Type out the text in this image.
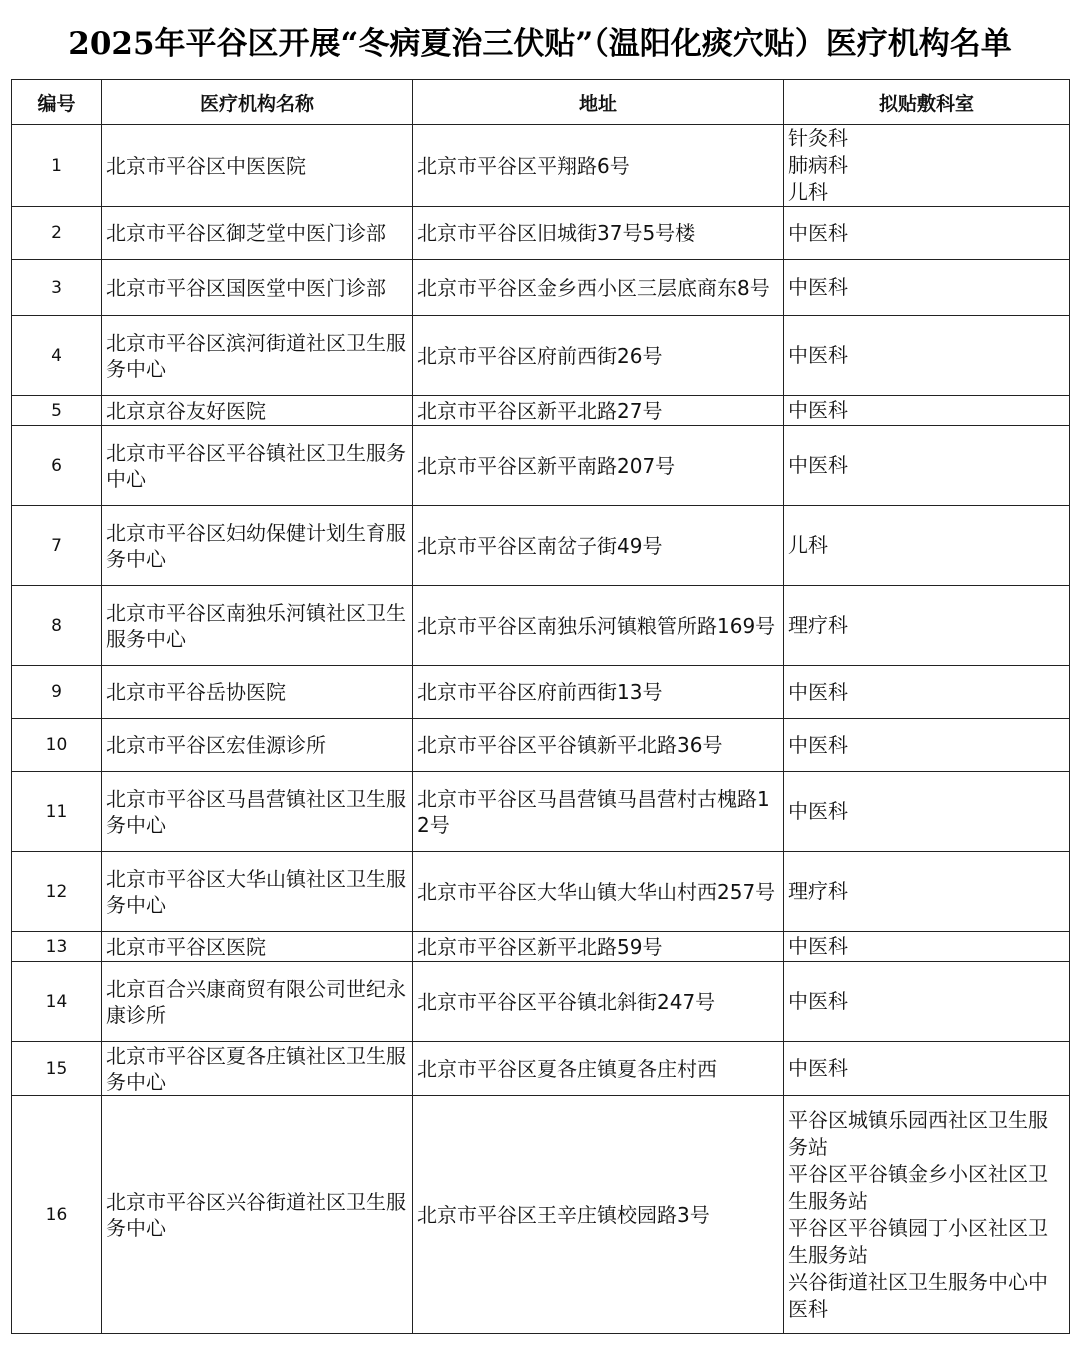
2025年平谷区开展“冬病夏治三伏贴”（温阳化痰穴贴）医疗机构名单
编号	医疗机构名称	地址	拟贴敷科室
1	北京市平谷区中医医院	北京市平谷区平翔路6号	针灸科
肺病科
儿科
2	北京市平谷区御芝堂中医门诊部	北京市平谷区旧城街37号5号楼	中医科
3	北京市平谷区国医堂中医门诊部	北京市平谷区金乡西小区三层底商东8号	中医科
4	北京市平谷区滨河街道社区卫生服务中心	北京市平谷区府前西街26号	中医科
5	北京京谷友好医院	北京市平谷区新平北路27号	中医科
6	北京市平谷区平谷镇社区卫生服务中心	北京市平谷区新平南路207号	中医科
7	北京市平谷区妇幼保健计划生育服务中心	北京市平谷区南岔子街49号	儿科
8	北京市平谷区南独乐河镇社区卫生服务中心	北京市平谷区南独乐河镇粮管所路169号	理疗科
9	北京市平谷岳协医院	北京市平谷区府前西街13号	中医科
10	北京市平谷区宏佳源诊所	北京市平谷区平谷镇新平北路36号	中医科
11	北京市平谷区马昌营镇社区卫生服务中心	北京市平谷区马昌营镇马昌营村古槐路12号	中医科
12	北京市平谷区大华山镇社区卫生服务中心	北京市平谷区大华山镇大华山村西257号	理疗科
13	北京市平谷区医院	北京市平谷区新平北路59号	中医科
14	北京百合兴康商贸有限公司世纪永康诊所	北京市平谷区平谷镇北斜街247号	中医科
15	北京市平谷区夏各庄镇社区卫生服务中心	北京市平谷区夏各庄镇夏各庄村西	中医科
16	北京市平谷区兴谷街道社区卫生服务中心	北京市平谷区王辛庄镇校园路3号	平谷区城镇乐园西社区卫生服务站
平谷区平谷镇金乡小区社区卫生服务站
平谷区平谷镇园丁小区社区卫生服务站
兴谷街道社区卫生服务中心中医科
